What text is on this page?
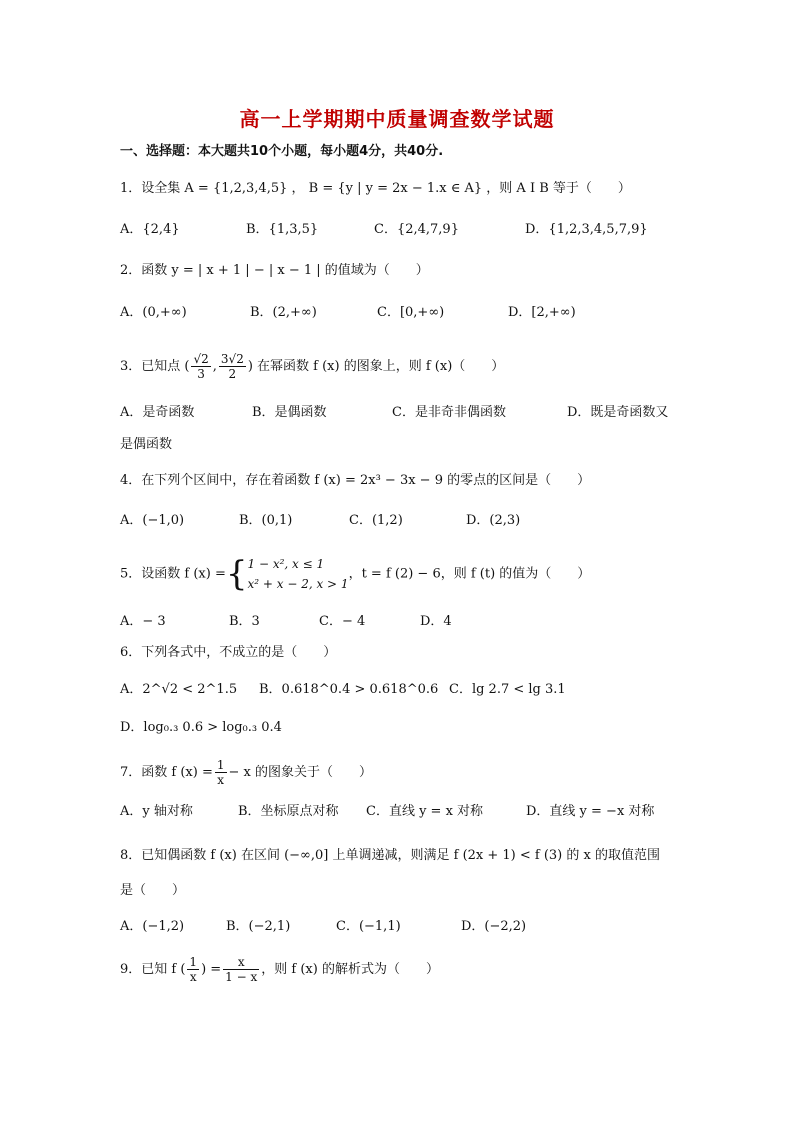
高一上学期期中质量调查数学试题
一、选择题：本大题共10个小题，每小题4分，共40分.
1．设全集 A = {1,2,3,4,5} ， B = {y | y = 2x − 1.x ∈ A} ，则 A I B 等于（　　）
A．{2,4}	B．{1,3,5}	C．{2,4,7,9}	D．{1,2,3,4,5,7,9}
2．函数 y = | x + 1 | − | x − 1 | 的值域为（　　）
A．(0,+∞)	B．(2,+∞)	C．[0,+∞)	D．[2,+∞)
3．已知点 ( $\frac{√2}{3}$ , $\frac{3√2}{2}$ ) 在幂函数 f (x) 的图象上，则 f (x)（　　）
A．是奇函数	B．是偶函数	C．是非奇非偶函数	D．既是奇函数又
是偶函数
4．在下列个区间中，存在着函数 f (x) = 2x³ − 3x − 9 的零点的区间是（　　）
A．(−1,0)	B．(0,1)	C．(1,2)	D．(2,3)
5．设函数 f (x) ={ 1 − x², x ≤ 1
x² + x − 2, x > 1
，t = f (2) − 6，则 f (t) 的值为（　　）
A．− 3	B．3	C．− 4	D．4
6．下列各式中，不成立的是（　　）
A．2^√2 < 2^1.5 B．0.618^0.4 > 0.618^0.6 C．lg 2.7 < lg 3.1
D．log₀.₃ 0.6 > log₀.₃ 0.4
7．函数 f $(x) = \frac{1}{x} - x$ 的图象关于（　　）
A．y 轴对称	B．坐标原点对称 C．直线 y = x 对称	D．直线 y = −x 对称
8．已知偶函数 f (x) 在区间 (−∞,0] 上单调递减，则满足 f (2x + 1) < f (3) 的 x 的取值范围
是（　　）
A．(−1,2)	B．(−2,1)	C．(−1,1)	D．(−2,2)
9．已知 f ( $\frac{1}{x}$ ) = $\frac{x}{1 - x}$ ，则 f (x) 的解析式为（　　）
